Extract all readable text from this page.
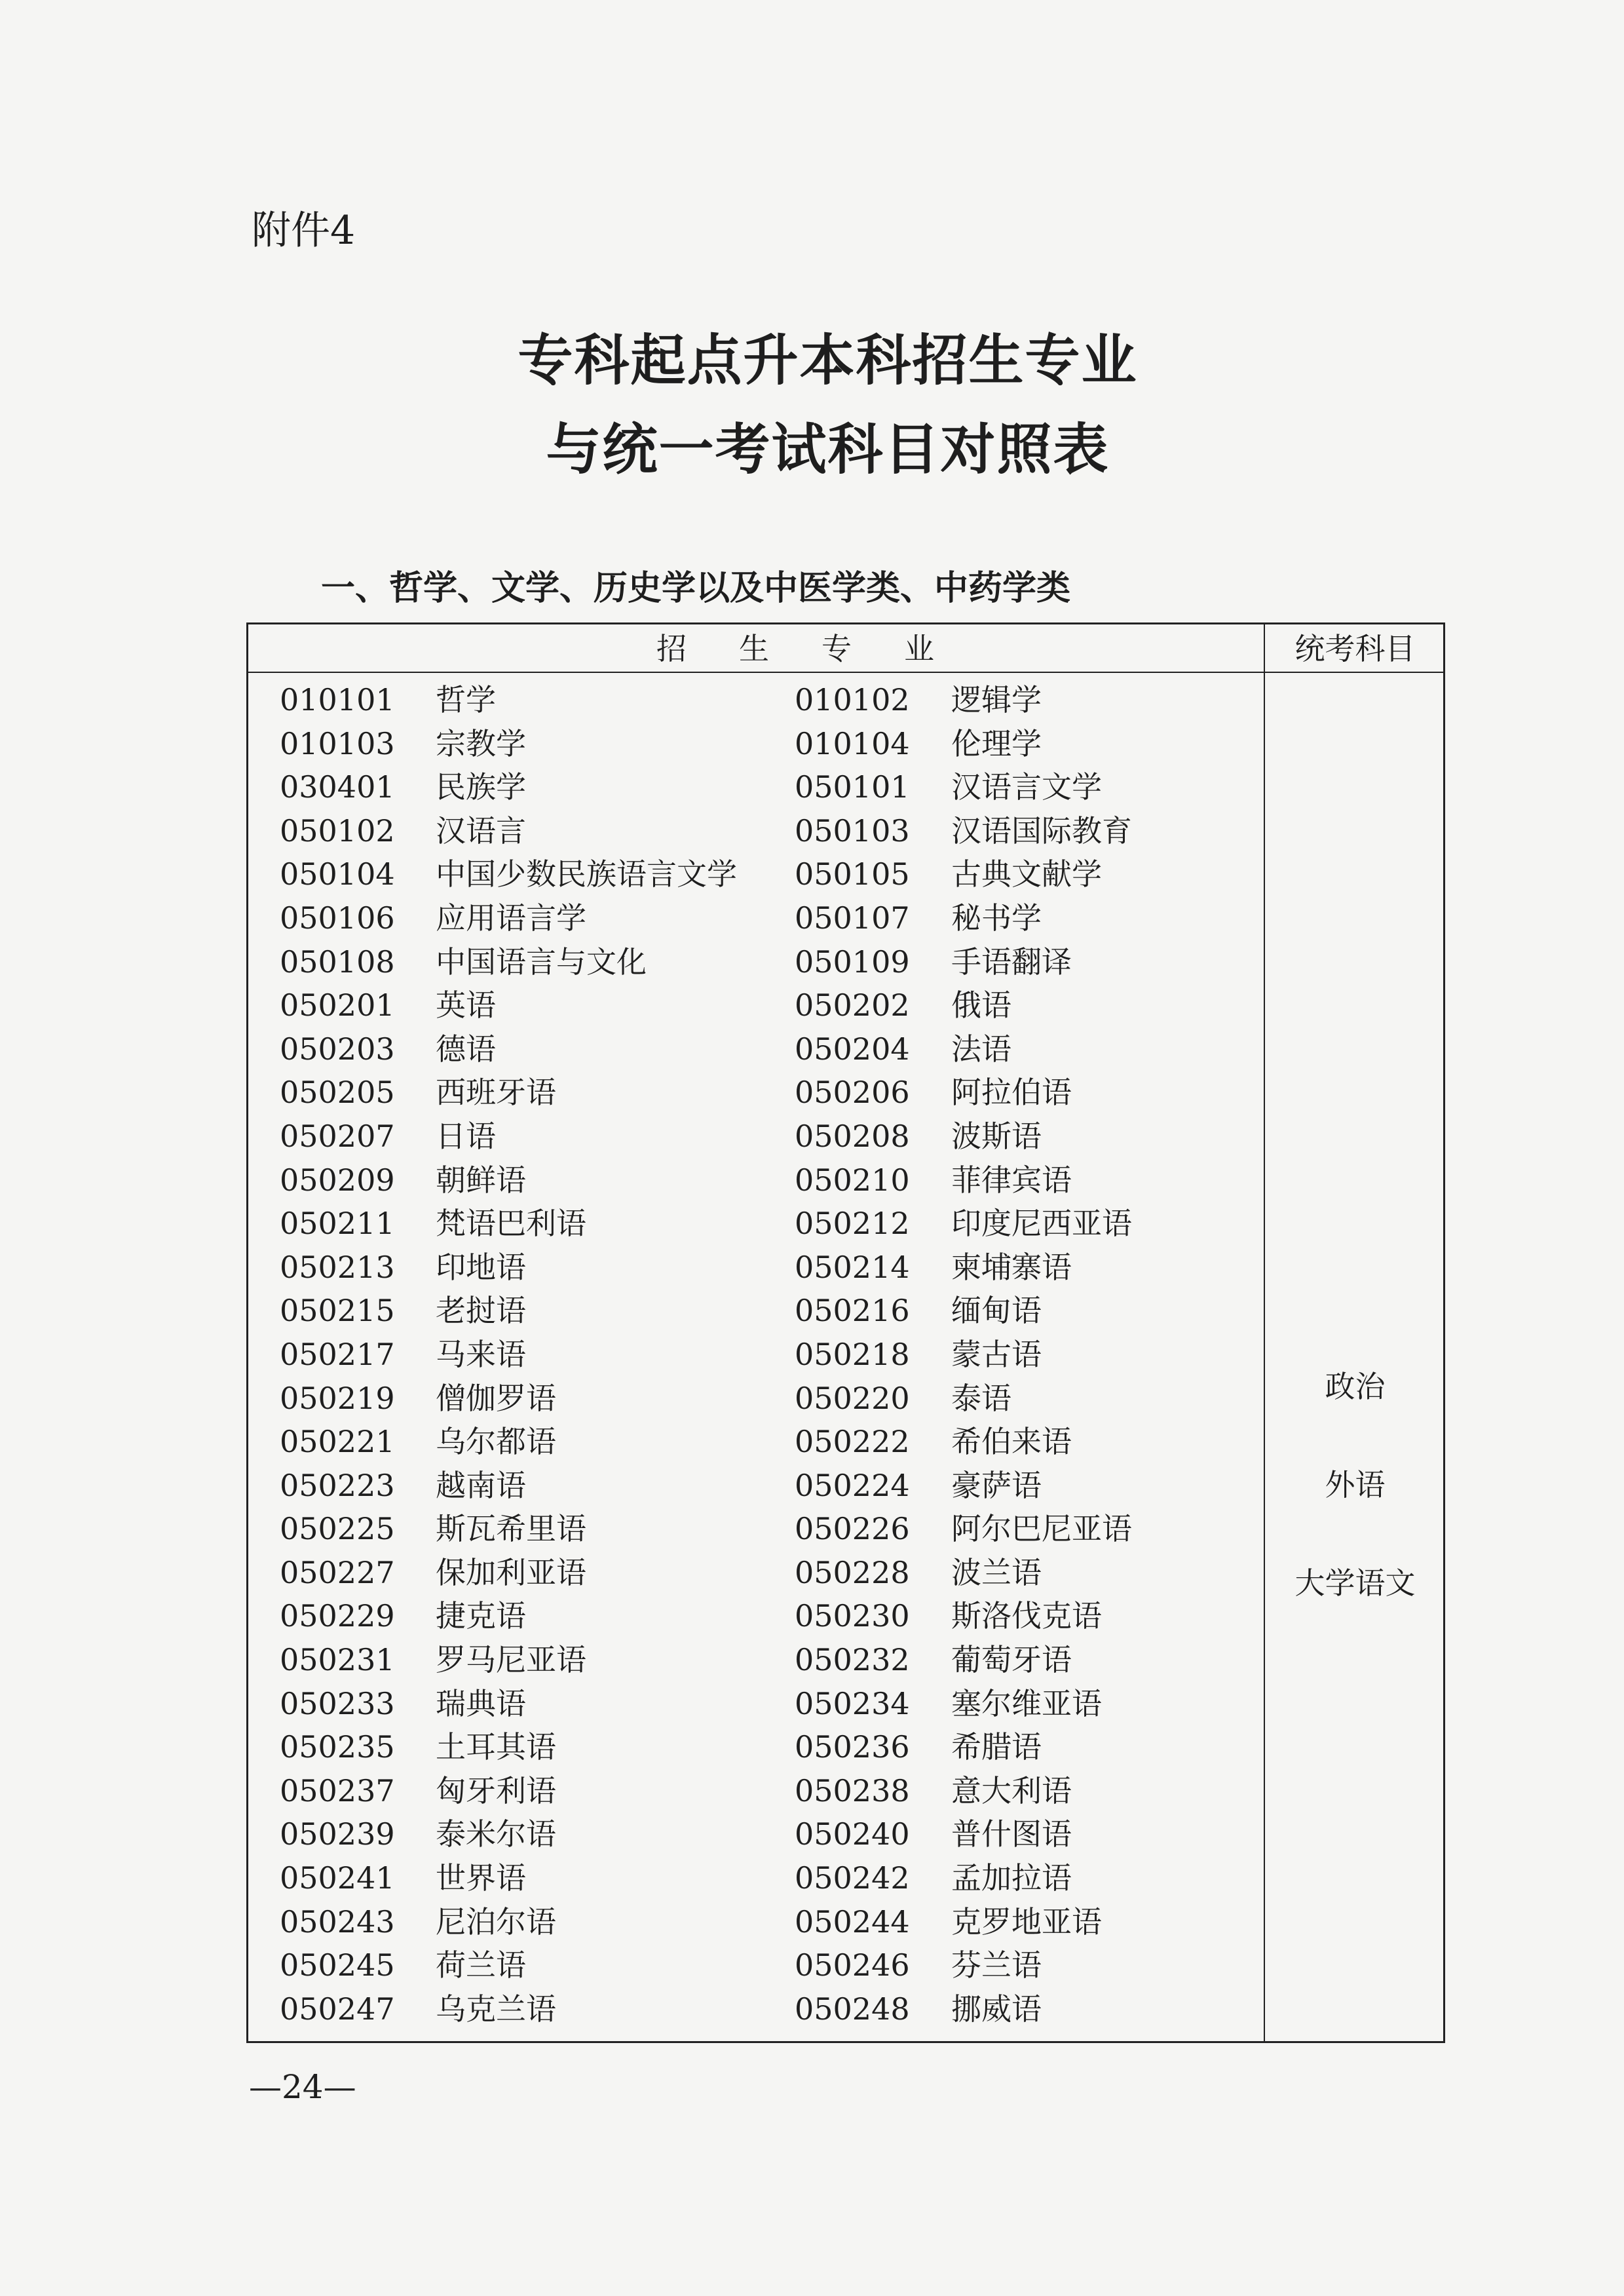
附件4
专科起点升本科招生专业
与统一考试科目对照表
一、哲学、文学、历史学以及中医学类、中药学类
招生专业	统考科目
010101 哲学	010102 逻辑学
010103 宗教学	010104 伦理学
030401 民族学	050101 汉语言文学
050102 汉语言	050103 汉语国际教育
050104 中国少数民族语言文学 050105 古典文献学
050106 应用语言学	050107 秘书学
050108 中国语言与文化	050109 手语翻译
050201 英语	050202 俄语
050203 德语	050204 法语
050205 西班牙语	050206 阿拉伯语
050207 日语	050208 波斯语
050209 朝鲜语	050210 菲律宾语
050211 梵语巴利语	050212 印度尼西亚语
050213 印地语	050214 柬埔寨语
050215 老挝语	050216 缅甸语
050217 马来语	050218 蒙古语
050219 僧伽罗语	050220 泰语
050221 乌尔都语	050222 希伯来语
050223 越南语	050224 豪萨语
050225 斯瓦希里语	050226 阿尔巴尼亚语
050227 保加利亚语	050228 波兰语
050229 捷克语	050230 斯洛伐克语
050231 罗马尼亚语	050232 葡萄牙语
050233 瑞典语	050234 塞尔维亚语
050235 土耳其语	050236 希腊语
050237 匈牙利语	050238 意大利语
050239 泰米尔语	050240 普什图语
050241 世界语	050242 孟加拉语
050243 尼泊尔语	050244 克罗地亚语
050245 荷兰语	050246 芬兰语
050247 乌克兰语	050248 挪威语
政治
外语
大学语文
—24—
